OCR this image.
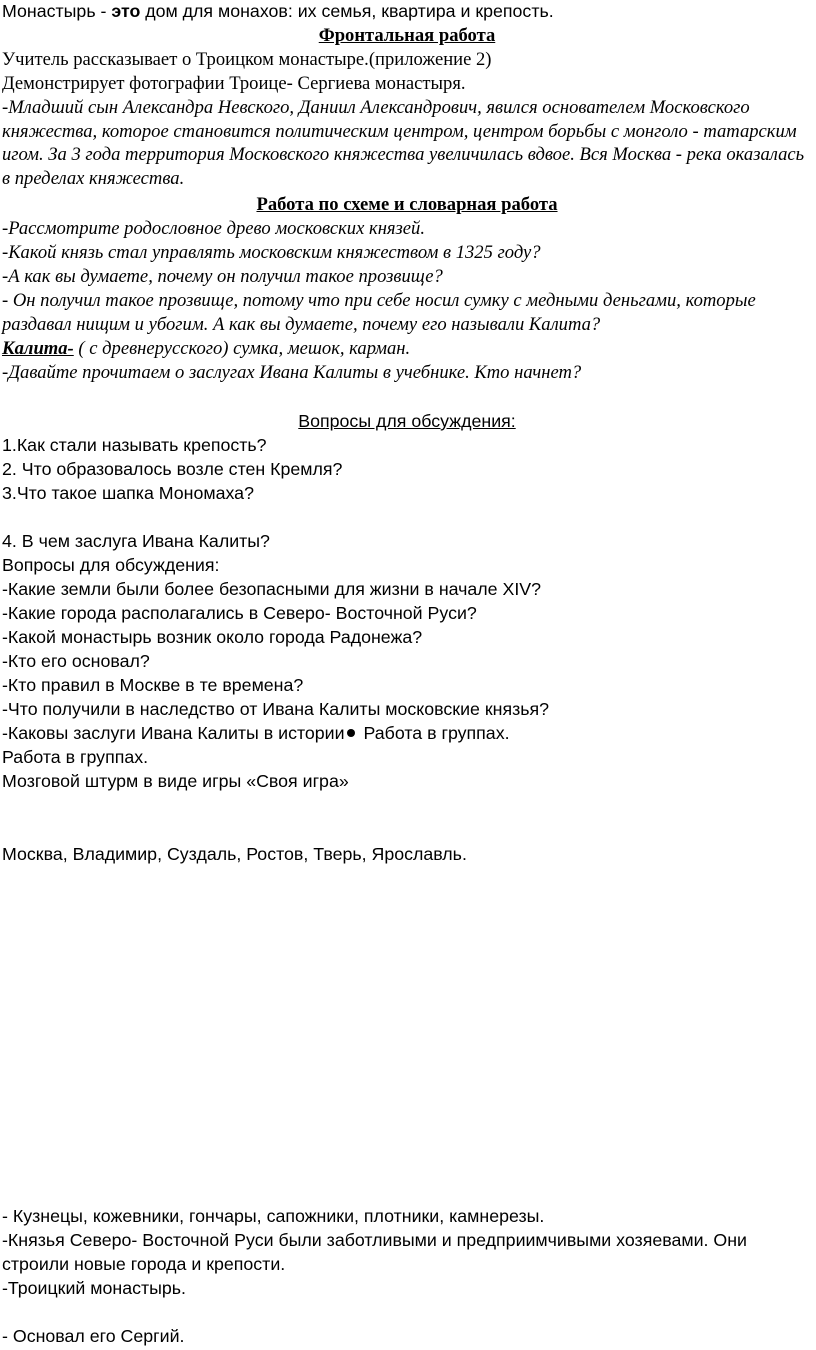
Монастырь - это дом для монахов: их семья, квартира и крепость.
Фронтальная работа
Учитель рассказывает о Троицком монастыре.(приложение 2)
Демонстрирует фотографии Троице- Сергиева монастыря.
-Младший сын Александра Невского, Даниил Александрович, явился основателем Московского княжества, которое становится политическим центром, центром борьбы с монголо - татарским игом. За 3 года территория Московского княжества увеличилась вдвое. Вся Москва - река оказалась в пределах княжества.
Работа по схеме и словарная работа
-Рассмотрите родословное древо московских князей.
-Какой князь стал управлять московским княжеством в 1325 году?
-А как вы думаете, почему он получил такое прозвище?
- Он получил такое прозвище, потому что при себе носил сумку с медными деньгами, которые раздавал нищим и убогим. А как вы думаете, почему его называли Калита?
Калита- ( с древнерусского) сумка, мешок, карман.
-Давайте прочитаем о заслугах Ивана Калиты в учебнике. Кто начнет?
Вопросы для обсуждения:
1.Как стали называть крепость?
2. Что образовалось возле стен Кремля?
3.Что такое шапка Мономаха?
4. В чем заслуга Ивана Калиты?
Вопросы для обсуждения:
-Какие земли были более безопасными для жизни в начале XIV?
-Какие города располагались в Северо- Восточной Руси?
-Какой монастырь возник около города Радонежа?
-Кто его основал?
-Кто правил в Москве в те времена?
-Что получили в наследство от Ивана Калиты московские князья?
-Каковы заслуги Ивана Калиты в истории Работа в группах.
Работа в группах.
Мозговой штурм в виде игры «Своя игра»
Москва, Владимир, Суздаль, Ростов, Тверь, Ярославль.
- Кузнецы, кожевники, гончары, сапожники, плотники, камнерезы.
-Князья Северо- Восточной Руси были заботливыми и предприимчивыми хозяевами. Они строили новые города и крепости.
-Троицкий монастырь.
- Основал его Сергий.
